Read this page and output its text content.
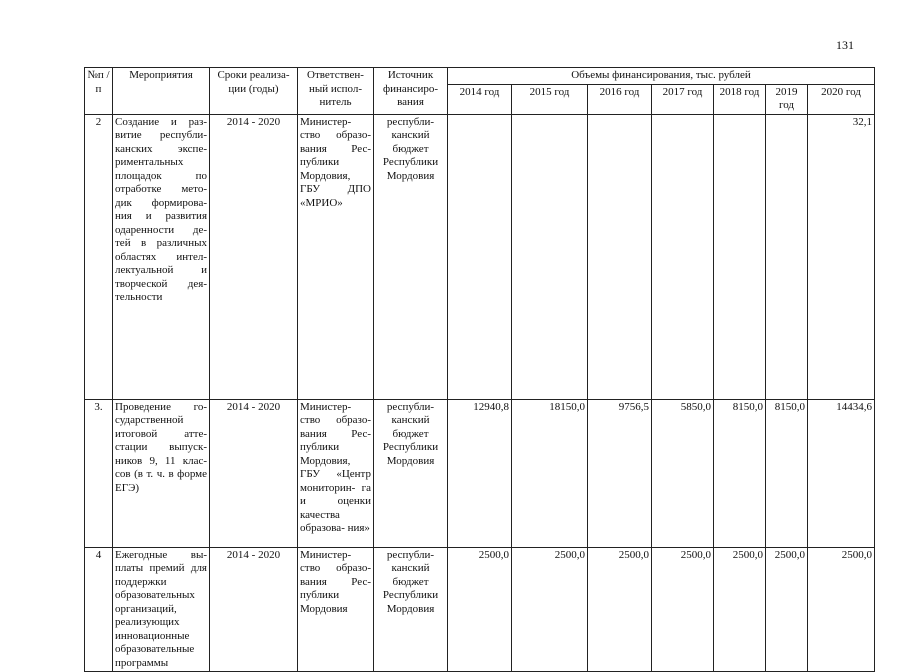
131
№п /п	Мероприятия	Сроки реализа- ции (годы)	Ответствен- ный испол- нитель	Источник финансиро- вания	Объемы финансирования, тыс. рублей						
					2014 год	2015 год	2016 год	2017 год	2018 год	2019 год	2020 год
2	Создание и раз- витие республи- канских экспе- риментальных площадок по отработке мето- дик формирова- ния и развития одаренности де- тей в различных областях интел- лектуальной и творческой дея- тельности	2014 - 2020	Министер- ство образо- вания Рес- публики Мордовия, ГБУ ДПО «МРИО»	республи- канский бюджет Республики Мордовия							32,1
3.	Проведение го- сударственной итоговой атте- стации выпуск- ников 9, 11 клас- сов (в т. ч. в форме ЕГЭ)	2014 - 2020	Министер- ство образо- вания Рес- публики Мордовия, ГБУ «Центр мониторин- га и оценки качества образова- ния»	республи- канский бюджет Республики Мордовия	12940,8	18150,0	9756,5	5850,0	8150,0	8150,0	14434,6
4	Ежегодные вы- платы премий для поддержки образовательных организаций, реализующих инновационные образовательные программы	2014 - 2020	Министер- ство образо- вания Рес- публики Мордовия	республи- канский бюджет Республики Мордовия	2500,0	2500,0	2500,0	2500,0	2500,0	2500,0	2500,0
